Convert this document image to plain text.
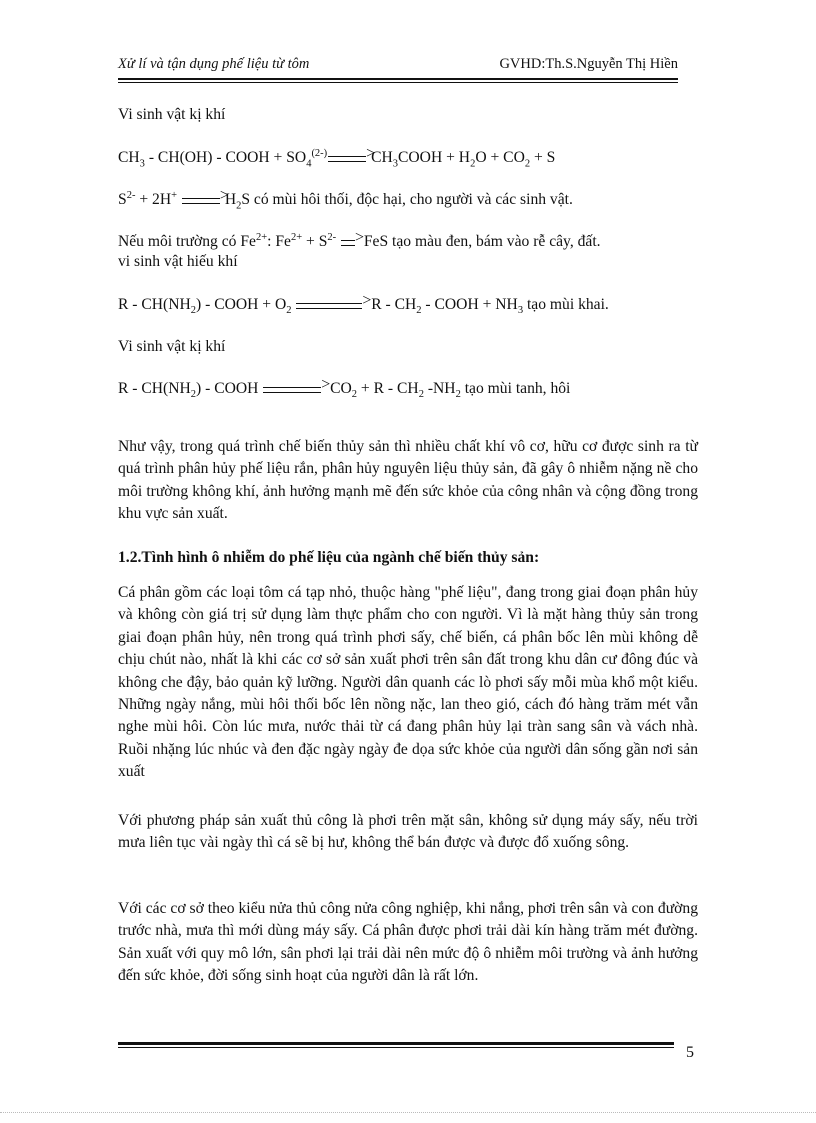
Xử lí và tận dụng phế liệu từ tôm	GVHD:Th.S.Nguyễn Thị Hiền
Vi sinh vật kị khí
$CH_3 - CH(OH)$ - COOH + $SO_4^{(2-)}$ >	$CH_3COOH + H_2O + CO_2 + S$
$S^{2-} + 2H^+$ >	$H_2S$ có mùi hôi thối, độc hại, cho người và các sinh vật.
Nếu môi trường có $Fe^{2+}$: $Fe^{2+} + S^{2-}$ > FeS tạo màu đen, bám vào rễ cây, đất.
vi sinh vật hiếu khí
R - $CH(NH_2)$ - COOH + $O_2$ >	R - $CH_2$ - COOH + $NH_3$ tạo mùi khai.
Vi sinh vật kị khí
R - $CH(NH_2)$ - COOH >	$CO_2 + R - CH_2$ $-NH_2$ tạo mùi tanh, hôi
Như vậy, trong quá trình chế biến thủy sản thì nhiều chất khí vô cơ, hữu cơ được sinh ra từ quá trình phân hủy phế liệu rắn, phân hủy nguyên liệu thủy sản, đã gây ô nhiễm nặng nề cho môi trường không khí, ảnh hưởng mạnh mẽ đến sức khỏe của công nhân và cộng đồng trong khu vực sản xuất.
1.2.Tình hình ô nhiễm do phế liệu của ngành chế biến thủy sản:
Cá phân gồm các loại tôm cá tạp nhỏ, thuộc hàng "phế liệu", đang trong giai đoạn phân hủy và không còn giá trị sử dụng làm thực phẩm cho con người. Vì là mặt hàng thủy sản trong giai đoạn phân hủy, nên trong quá trình phơi sấy, chế biến, cá phân bốc lên mùi không dễ chịu chút nào, nhất là khi các cơ sở sản xuất phơi trên sân đất trong khu dân cư đông đúc và không che đậy, bảo quản kỹ lưỡng. Người dân quanh các lò phơi sấy mỗi mùa khổ một kiểu. Những ngày nắng, mùi hôi thối bốc lên nồng nặc, lan theo gió, cách đó hàng trăm mét vẫn nghe mùi hôi. Còn lúc mưa, nước thải từ cá đang phân hủy lại tràn sang sân và vách nhà. Ruồi nhặng lúc nhúc và đen đặc ngày ngày đe dọa sức khỏe của người dân sống gần nơi sản xuất
Với phương pháp sản xuất thủ công là phơi trên mặt sân, không sử dụng máy sấy, nếu trời mưa liên tục vài ngày thì cá sẽ bị hư, không thể bán được và được đổ xuống sông.
Với các cơ sở theo kiểu nửa thủ công nửa công nghiệp, khi nắng, phơi trên sân và con đường trước nhà, mưa thì mới dùng máy sấy. Cá phân được phơi trải dài kín hàng trăm mét đường. Sản xuất với quy mô lớn, sân phơi lại trải dài nên mức độ ô nhiễm môi trường và ảnh hưởng đến sức khỏe, đời sống sinh hoạt của người dân là rất lớn.
5
